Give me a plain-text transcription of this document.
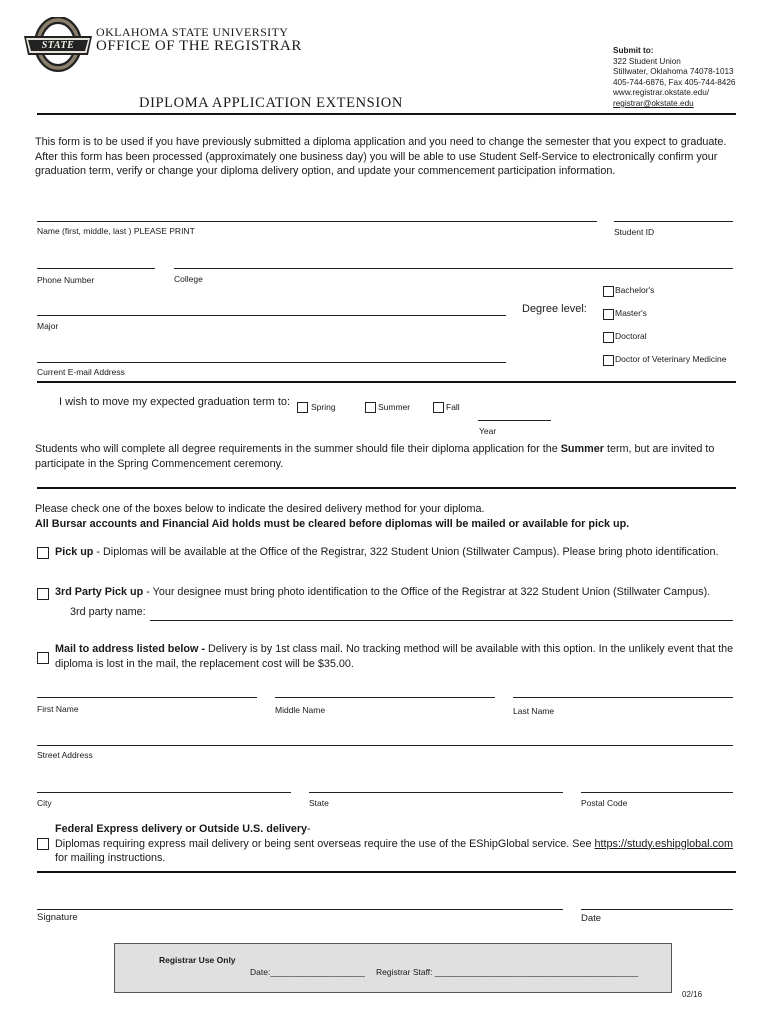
STATE
OKLAHOMA STATE UNIVERSITY
OFFICE OF THE REGISTRAR
DIPLOMA APPLICATION EXTENSION
Submit to:
322 Student Union
Stillwater, Oklahoma 74078-1013
405-744-6876, Fax 405-744-8426
www.registrar.okstate.edu/
registrar@okstate.edu
This form is to be used if you have previously submitted a diploma application and you need to change the semester that you expect to graduate.
After this form has been processed (approximately one business day) you will be able to use Student Self-Service to electronically confirm your
graduation term, verify or change your diploma delivery option, and update your commencement participation information.
Name (first, middle, last ) PLEASE PRINT	Student ID
Phone Number	College
Major
Degree level:
Current E-mail Address
Bachelor's
Master's
Doctoral
Doctor of Veterinary Medicine
I wish to move my expected graduation term to: Spring	Summer	Fall
Year
Students who will complete all degree requirements in the summer should file their diploma application for the Summer term, but are invited to
participate in the Spring Commencement ceremony.
Please check one of the boxes below to indicate the desired delivery method for your diploma.
All Bursar accounts and Financial Aid holds must be cleared before diplomas will be mailed or available for pick up.
Pick up - Diplomas will be available at the Office of the Registrar, 322 Student Union (Stillwater Campus). Please bring photo identification.
3rd Party Pick up - Your designee must bring photo identification to the Office of the Registrar at 322 Student Union (Stillwater Campus).
3rd party name:
Mail to address listed below - Delivery is by 1st class mail. No tracking method will be available with this option. In the unlikely event that the
diploma is lost in the mail, the replacement cost will be $35.00.
First Name	Middle Name	Last Name
Street Address
City	State	Postal Code
Federal Express delivery or Outside U.S. delivery-
Diplomas requiring express mail delivery or being sent overseas require the use of the EShipGlobal service. See https://study.eshipglobal.com
for mailing instructions.
Signature	Date
Registrar Use Only
Date:____________________ Registrar Staff: ___________________________________________
02/16
